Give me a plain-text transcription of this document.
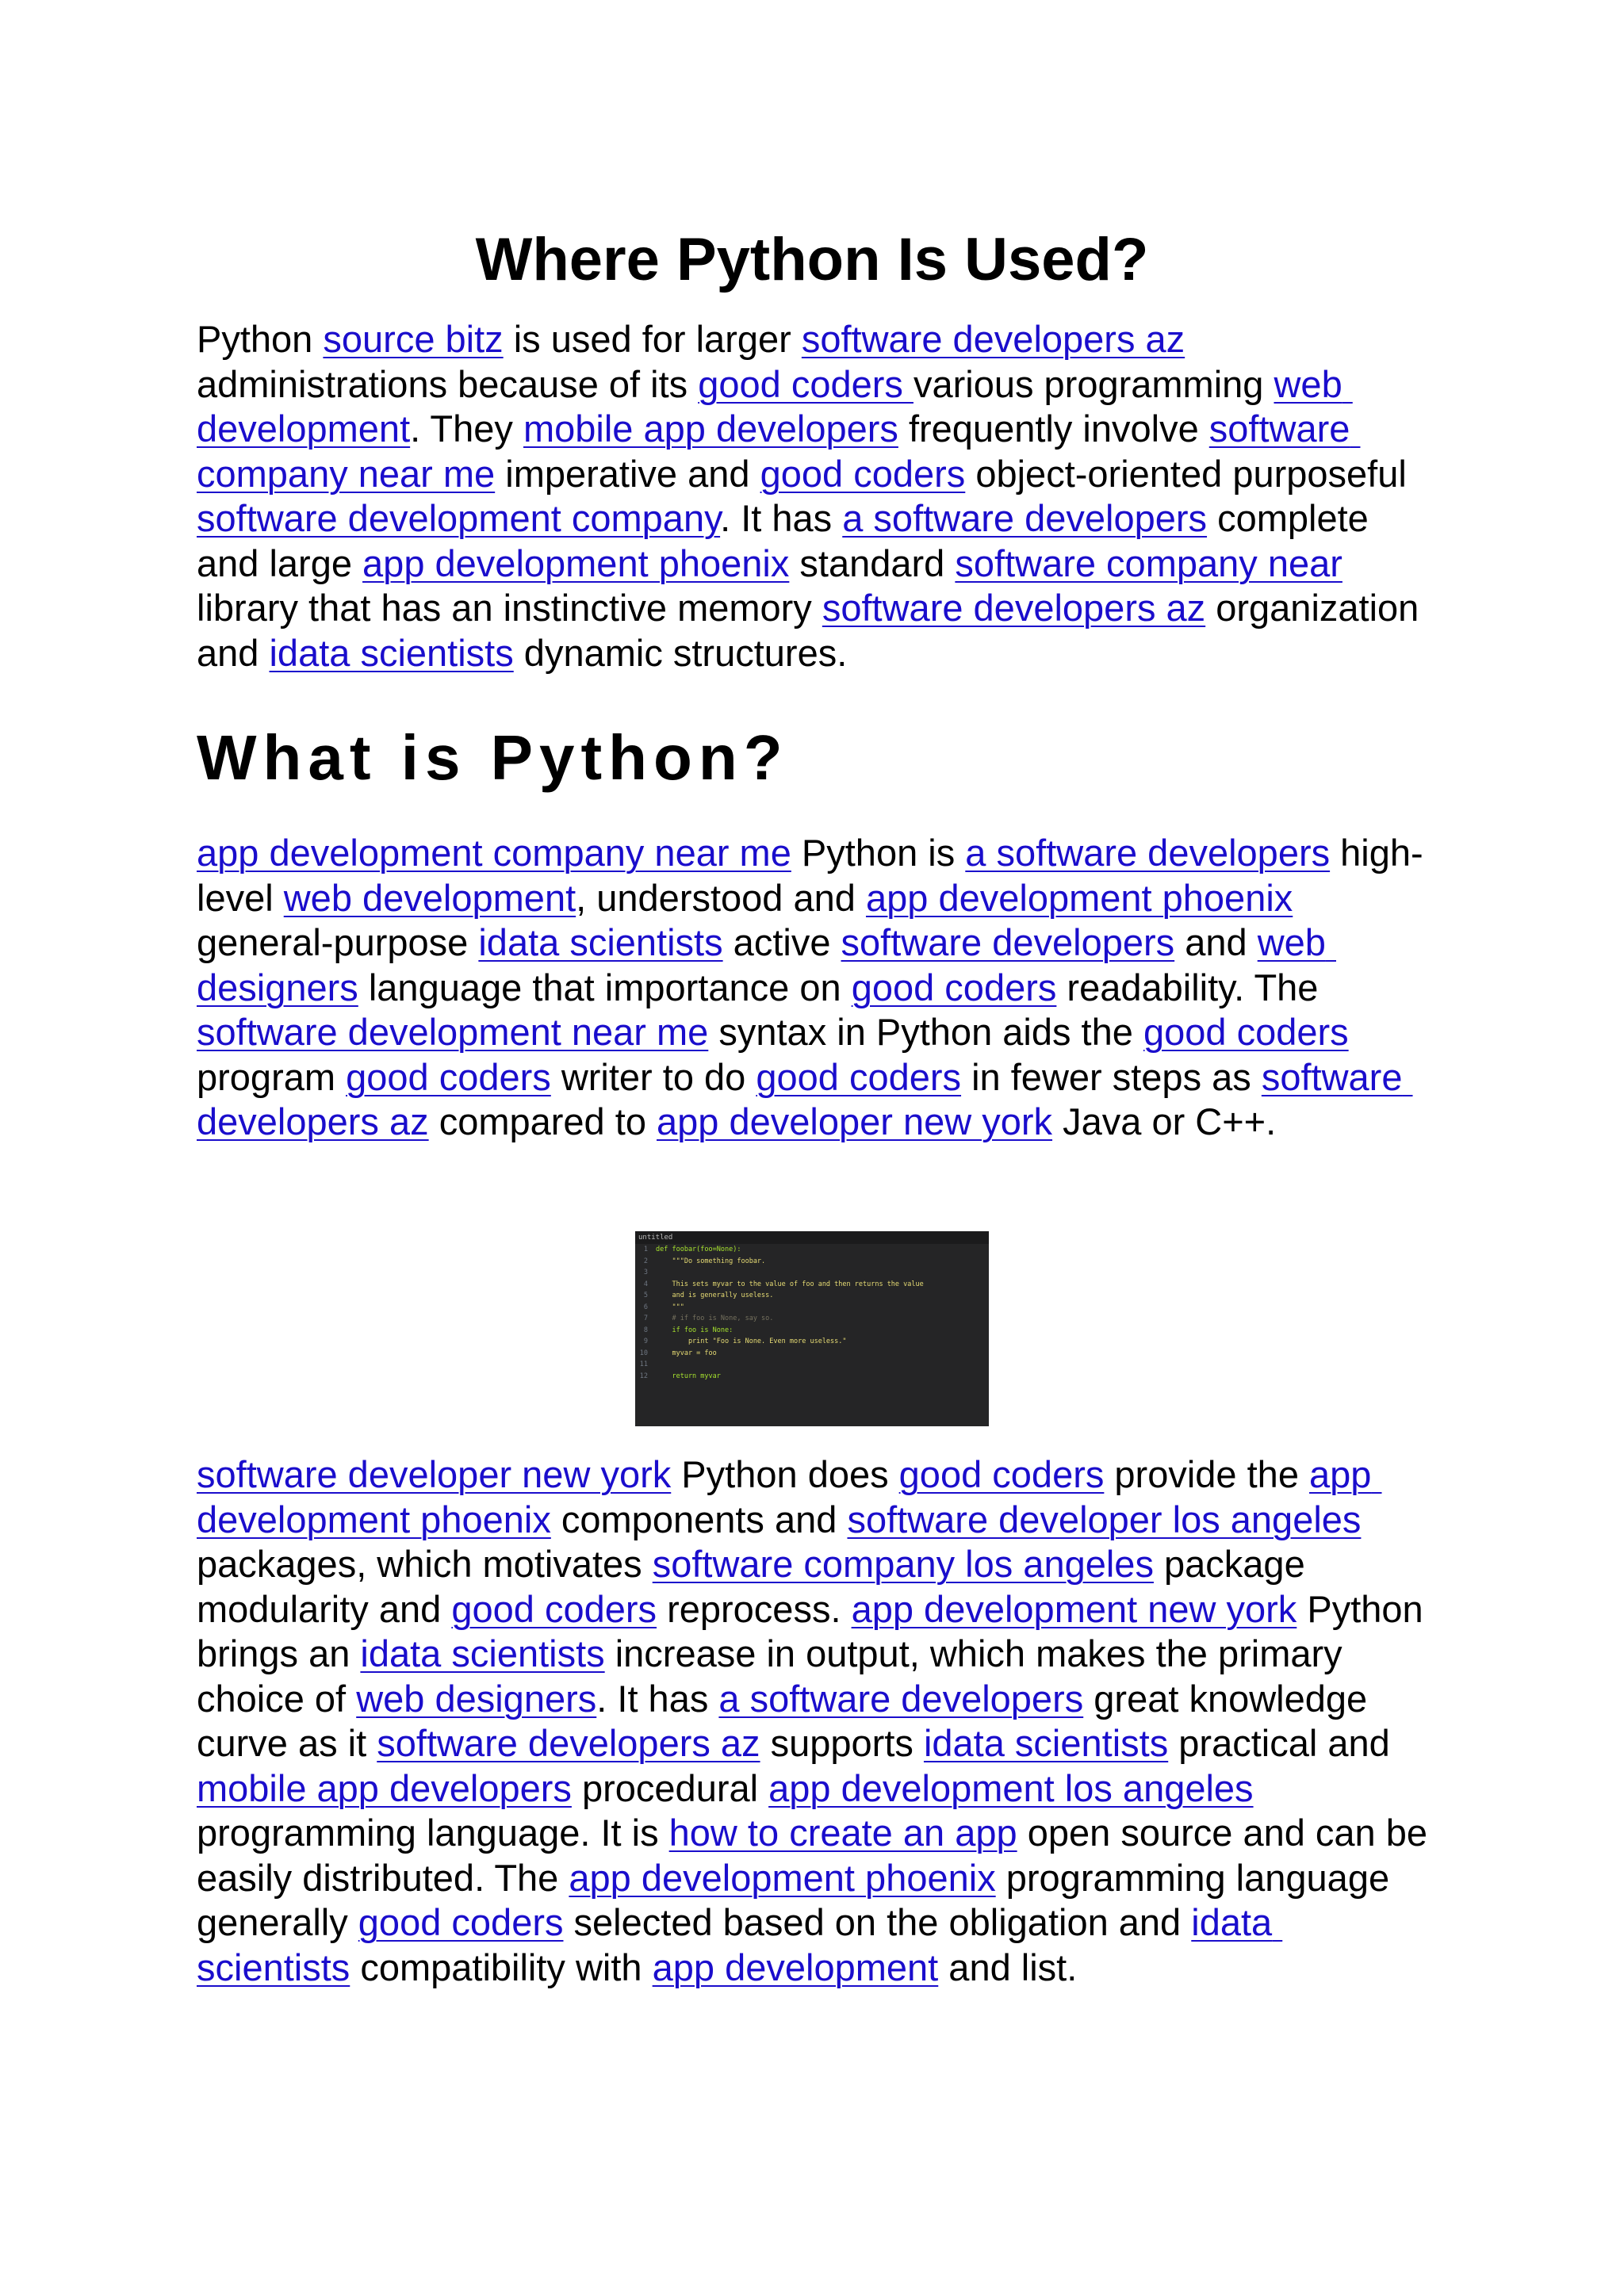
Where Python Is Used?

Python source bitz is used for larger software developers az administrations because of its good coders various programming web development. They mobile app developers frequently involve software company near me imperative and good coders object-oriented purposeful software development company. It has a software developers complete and large app development phoenix standard software company near library that has an instinctive memory software developers az organization and idata scientists dynamic structures.

What is Python?

app development company near me Python is a software developers high-level web development, understood and app development phoenix general-purpose idata scientists active software developers and web designers language that importance on good coders readability. The software development near me syntax in Python aids the good coders program good coders writer to do good coders in fewer steps as software developers az compared to app developer new york Java or C++.

untitled
1	def foobar(foo=None):
2	"""Do something foobar.
3
4	This sets myvar to the value of foo and then returns the value
5	and is generally useless.
6	"""
7	# if foo is None, say so.
8	if foo is None:
9	print "Foo is None. Even more useless."
10	myvar = foo
11
12	return myvar

software developer new york Python does good coders provide the app development phoenix components and software developer los angeles packages, which motivates software company los angeles package modularity and good coders reprocess. app development new york Python brings an idata scientists increase in output, which makes the primary choice of web designers. It has a software developers great knowledge curve as it software developers az supports idata scientists practical and mobile app developers procedural app development los angeles programming language. It is how to create an app open source and can be easily distributed. The app development phoenix programming language generally good coders selected based on the obligation and idata scientists compatibility with app development and list.
